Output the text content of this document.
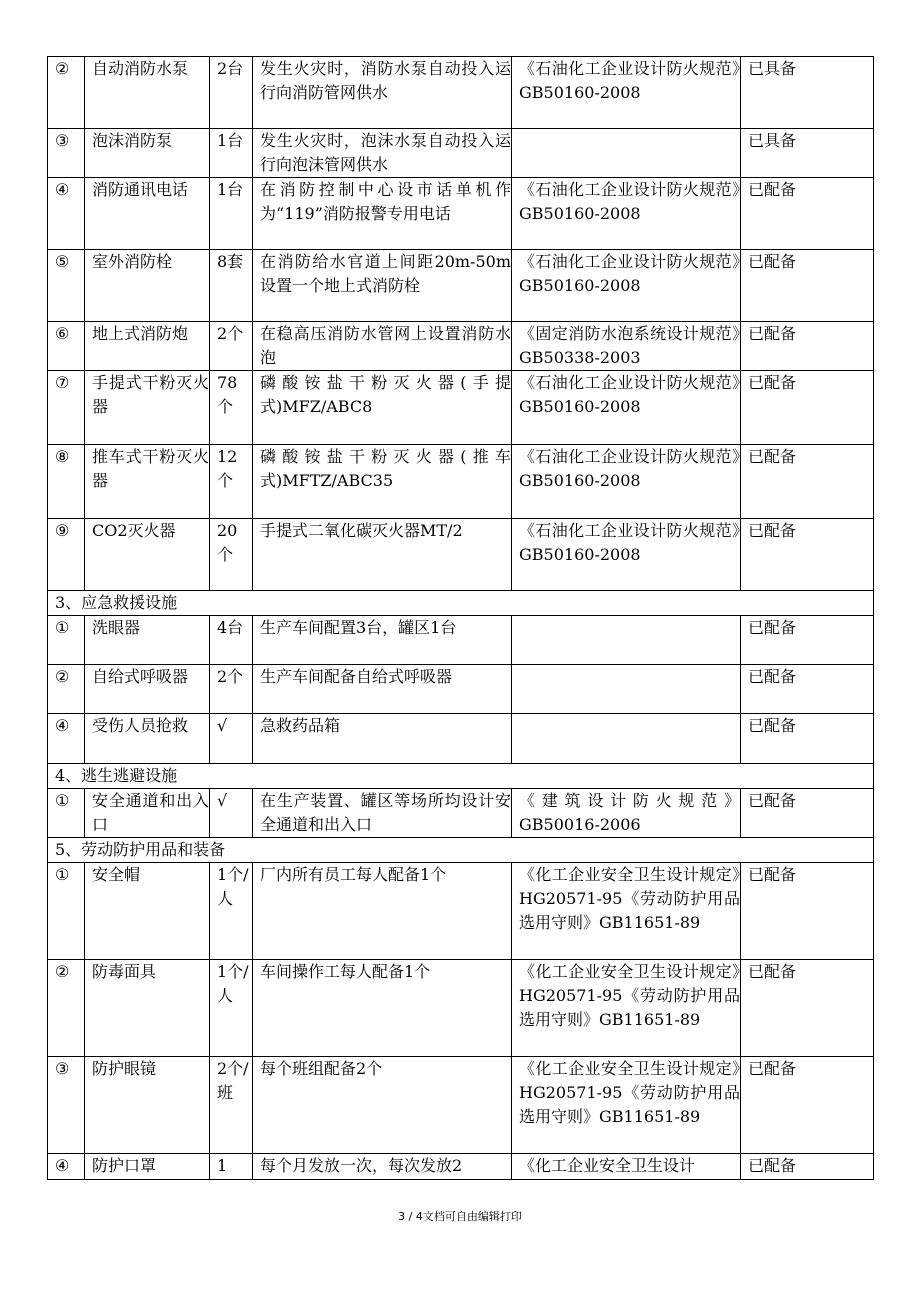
②	自动消防水泵	2台	发生火灾时，消防水泵自动投入运行向消防管网供水	《石油化工企业设计防火规范》GB50160-2008	已具备
③	泡沫消防泵	1台	发生火灾时，泡沫水泵自动投入运行向泡沫管网供水		已具备
④	消防通讯电话	1台	在消防控制中心设市话单机作为“119”消防报警专用电话	《石油化工企业设计防火规范》GB50160-2008	已配备
⑤	室外消防栓	8套	在消防给水官道上间距20m-50m设置一个地上式消防栓	《石油化工企业设计防火规范》GB50160-2008	已配备
⑥	地上式消防炮	2个	在稳高压消防水管网上设置消防水泡	《固定消防水泡系统设计规范》GB50338-2003	已配备
⑦	手提式干粉灭火器	78个	磷酸铵盐干粉灭火器(手提式)MFZ/ABC8	《石油化工企业设计防火规范》GB50160-2008	已配备
⑧	推车式干粉灭火器	12个	磷酸铵盐干粉灭火器(推车式)MFTZ/ABC35	《石油化工企业设计防火规范》GB50160-2008	已配备
⑨	CO2灭火器	20个	手提式二氧化碳灭火器MT/2	《石油化工企业设计防火规范》GB50160-2008	已配备
3、应急救援设施					
①	洗眼器	4台	生产车间配置3台，罐区1台		已配备
②	自给式呼吸器	2个	生产车间配备自给式呼吸器		已配备
④	受伤人员抢救	√	急救药品箱		已配备
4、逃生逃避设施					
①	安全通道和出入口	√	在生产装置、罐区等场所均设计安全通道和出入口	《建筑设计防火规范》GB50016-2006	已配备
5、劳动防护用品和装备					
①	安全帽	1个/人	厂内所有员工每人配备1个	《化工企业安全卫生设计规定》HG20571-95《劳动防护用品选用守则》GB11651-89	已配备
②	防毒面具	1个/人	车间操作工每人配备1个	《化工企业安全卫生设计规定》HG20571-95《劳动防护用品选用守则》GB11651-89	已配备
③	防护眼镜	2个/班	每个班组配备2个	《化工企业安全卫生设计规定》HG20571-95《劳动防护用品选用守则》GB11651-89	已配备
④	防护口罩	1	每个月发放一次，每次发放2	《化工企业安全卫生设计	已配备
3 / 4文档可自由编辑打印
